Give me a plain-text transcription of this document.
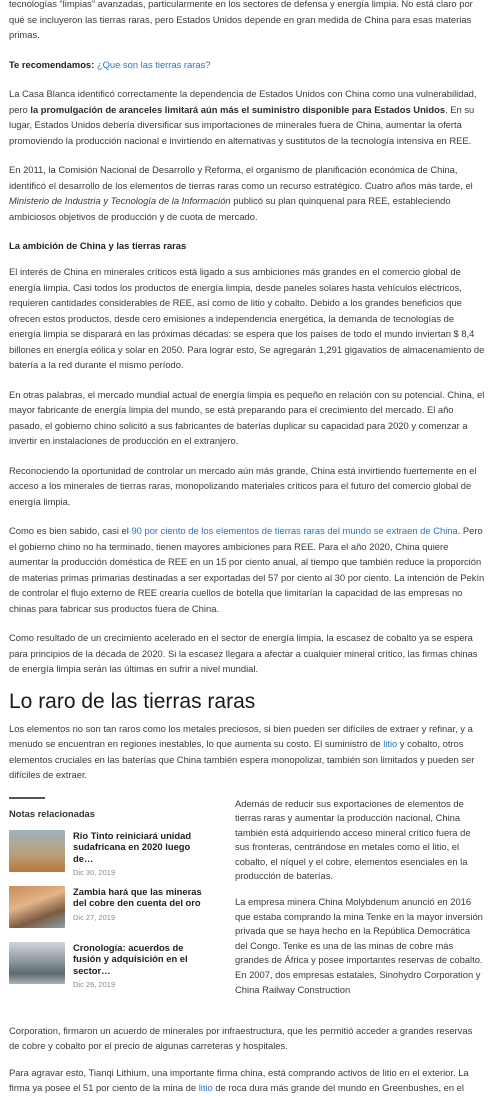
tecnologías “limpias” avanzadas, particularmente en los sectores de defensa y energía limpia. No está claro por qué se incluyeron las tierras raras, pero Estados Unidos depende en gran medida de China para esas materias primas.

Te recomendamos: ¿Que son las tierras raras?

La Casa Blanca identificó correctamente la dependencia de Estados Unidos con China como una vulnerabilidad, pero la promulgación de aranceles limitará aún más el suministro disponible para Estados Unidos. En su lugar, Estados Unidos debería diversificar sus importaciones de minerales fuera de China, aumentar la oferta promoviendo la producción nacional e invirtiendo en alternativas y sustitutos de la tecnología intensiva en REE.

En 2011, la Comisión Nacional de Desarrollo y Reforma, el organismo de planificación económica de China, identificó el desarrollo de los elementos de tierras raras como un recurso estratégico. Cuatro años más tarde, el Ministerio de Industria y Tecnología de la Información publicó su plan quinquenal para REE, estableciendo ambiciosos objetivos de producción y de cuota de mercado.

La ambición de China y las tierras raras

El interés de China en minerales críticos está ligado a sus ambiciones más grandes en el comercio global de energía limpia. Casi todos los productos de energía limpia, desde paneles solares hasta vehículos eléctricos, requieren cantidades considerables de REE, así como de litio y cobalto. Debido a los grandes beneficios que ofrecen estos productos, desde cero emisiones a independencia energética, la demanda de tecnologías de energía limpia se disparará en las próximas décadas: se espera que los países de todo el mundo inviertan $ 8,4 billones en energía eólica y solar en 2050. Para lograr esto, Se agregarán 1,291 gigavatios de almacenamiento de batería a la red durante el mismo período.

En otras palabras, el mercado mundial actual de energía limpia es pequeño en relación con su potencial. China, el mayor fabricante de energía limpia del mundo, se está preparando para el crecimiento del mercado. El año pasado, el gobierno chino solicitó a sus fabricantes de baterías duplicar su capacidad para 2020 y comenzar a invertir en instalaciones de producción en el extranjero.

Reconociendo la oportunidad de controlar un mercado aún más grande, China está invirtiendo fuertemente en el acceso a los minerales de tierras raras, monopolizando materiales críticos para el futuro del comercio global de energía limpia.

Como es bien sabido, casi el 90 por ciento de los elementos de tierras raras del mundo se extraen de China. Pero el gobierno chino no ha terminado, tienen mayores ambiciones para REE. Para el año 2020, China quiere aumentar la producción doméstica de REE en un 15 por ciento anual, al tiempo que también reduce la proporción de materias primas primarias destinadas a ser exportadas del 57 por ciento al 30 por ciento. La intención de Pekín de controlar el flujo externo de REE crearía cuellos de botella que limitarían la capacidad de las empresas no chinas para fabricar sus productos fuera de China.

Como resultado de un crecimiento acelerado en el sector de energía limpia, la escasez de cobalto ya se espera para principios de la década de 2020. Si la escasez llegara a afectar a cualquier mineral crítico, las firmas chinas de energía limpia serán las últimas en sufrir a nivel mundial.

Lo raro de las tierras raras

Los elementos no son tan raros como los metales preciosos, si bien pueden ser difíciles de extraer y refinar, y a menudo se encuentran en regiones inestables, lo que aumenta su costo. El suministro de litio y cobalto, otros elementos cruciales en las baterías que China también espera monopolizar, también son limitados y pueden ser difíciles de extraer.

Notas relacionadas
Rio Tinto reiniciará unidad sudafricana en 2020 luego de…
Dic 30, 2019
Zambia hará que las mineras del cobre den cuenta del oro
Dic 27, 2019
Cronología: acuerdos de fusión y adquisición en el sector…
Dic 26, 2019

Además de reducir sus exportaciones de elementos de tierras raras y aumentar la producción nacional, China también está adquiriendo acceso mineral crítico fuera de sus fronteras, centrándose en metales como el litio, el cobalto, el níquel y el cobre, elementos esenciales en la producción de baterías.

La empresa minera China Molybdenum anunció en 2016 que estaba comprando la mina Tenke en la mayor inversión privada que se haya hecho en la República Democrática del Congo. Tenke es una de las minas de cobre más grandes de África y posee importantes reservas de cobalto. En 2007, dos empresas estatales, Sinohydro Corporation y China Railway Construction

Corporation, firmaron un acuerdo de minerales por infraestructura, que les permitió acceder a grandes reservas de cobre y cobalto por el precio de algunas carreteras y hospitales.

Para agravar esto, Tianqi Lithium, una importante firma china, está comprando activos de litio en el exterior. La firma ya posee el 51 por ciento de la mina de litio de roca dura más grande del mundo en Greenbushes, en el
